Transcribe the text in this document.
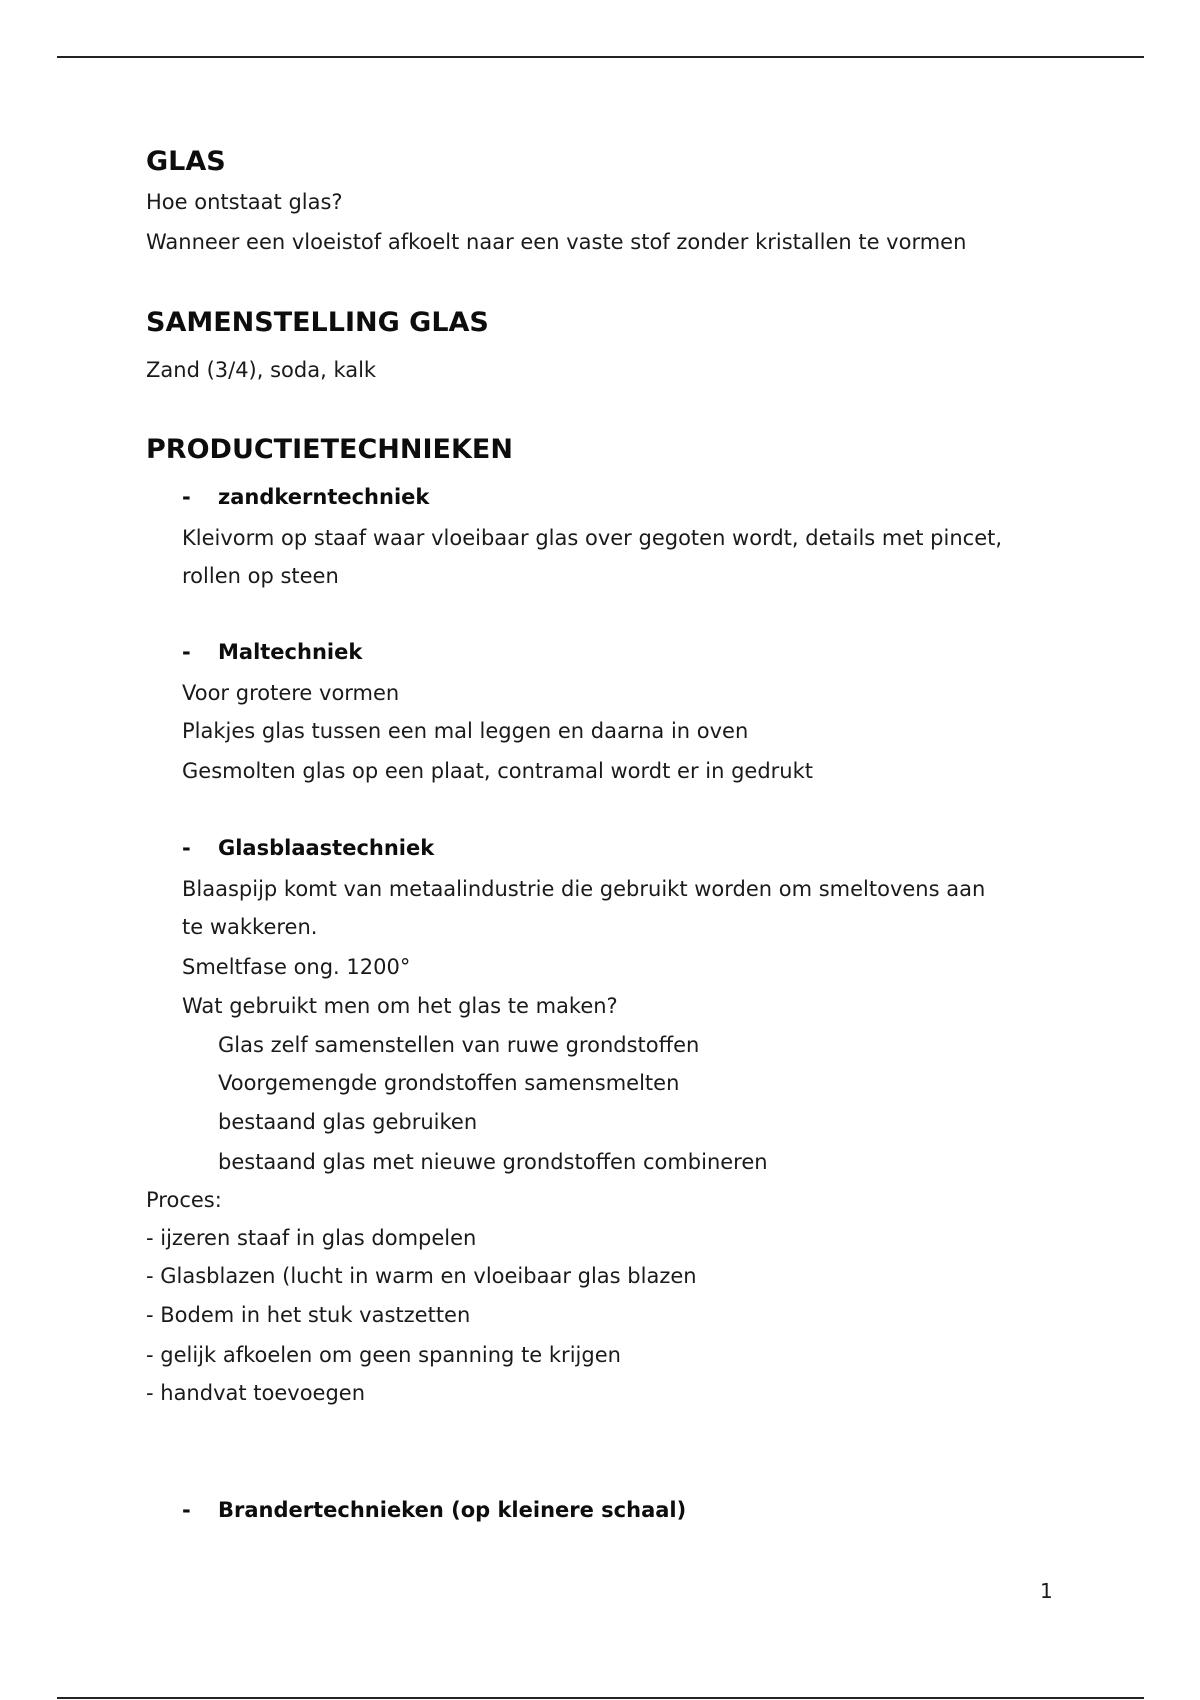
GLAS
Hoe ontstaat glas?
Wanneer een vloeistof afkoelt naar een vaste stof zonder kristallen te vormen
SAMENSTELLING GLAS
Zand (3/4), soda, kalk
PRODUCTIETECHNIEKEN
- zandkerntechniek
Kleivorm op staaf waar vloeibaar glas over gegoten wordt, details met pincet,
rollen op steen
- Maltechniek
Voor grotere vormen
Plakjes glas tussen een mal leggen en daarna in oven
Gesmolten glas op een plaat, contramal wordt er in gedrukt
- Glasblaastechniek
Blaaspijp komt van metaalindustrie die gebruikt worden om smeltovens aan
te wakkeren.
Smeltfase ong. 1200°
Wat gebruikt men om het glas te maken?
Glas zelf samenstellen van ruwe grondstoffen
Voorgemengde grondstoffen samensmelten
bestaand glas gebruiken
bestaand glas met nieuwe grondstoffen combineren
Proces:
- ijzeren staaf in glas dompelen
- Glasblazen (lucht in warm en vloeibaar glas blazen
- Bodem in het stuk vastzetten
- gelijk afkoelen om geen spanning te krijgen
- handvat toevoegen
- Brandertechnieken (op kleinere schaal)
1
